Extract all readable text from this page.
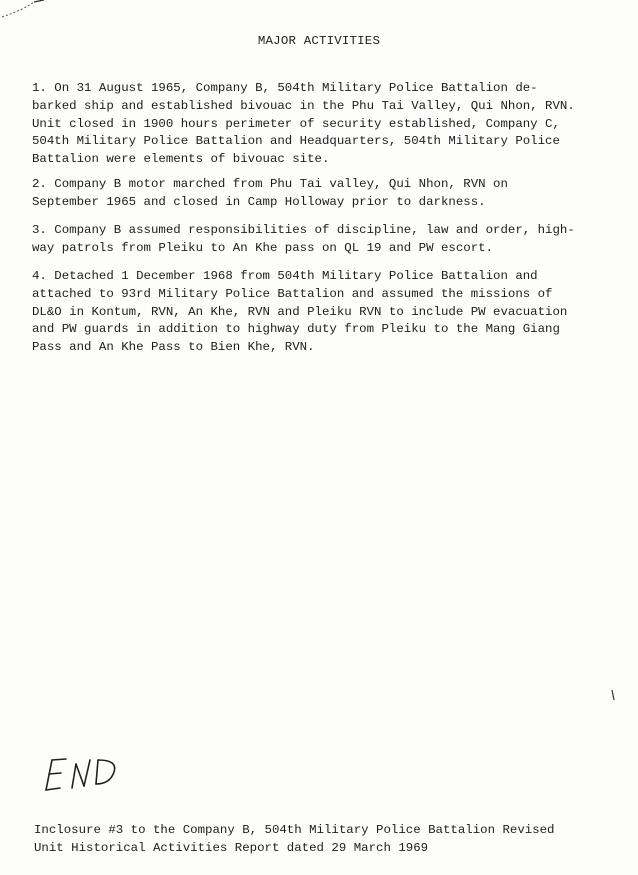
MAJOR ACTIVITIES
1. On 31 August 1965, Company B, 504th Military Police Battalion de-
barked ship and established bivouac in the Phu Tai Valley, Qui Nhon, RVN.
Unit closed in 1900 hours perimeter of security established, Company C,
504th Military Police Battalion and Headquarters, 504th Military Police
Battalion were elements of bivouac site.
2. Company B motor marched from Phu Tai valley, Qui Nhon, RVN on
September 1965 and closed in Camp Holloway prior to darkness.
3. Company B assumed responsibilities of discipline, law and order, high-
way patrols from Pleiku to An Khe pass on QL 19 and PW escort.
4. Detached 1 December 1968 from 504th Military Police Battalion and
attached to 93rd Military Police Battalion and assumed the missions of
DL&O in Kontum, RVN, An Khe, RVN and Pleiku RVN to include PW evacuation
and PW guards in addition to highway duty from Pleiku to the Mang Giang
Pass and An Khe Pass to Bien Khe, RVN.
Inclosure #3 to the Company B, 504th Military Police Battalion Revised
Unit Historical Activities Report dated 29 March 1969
